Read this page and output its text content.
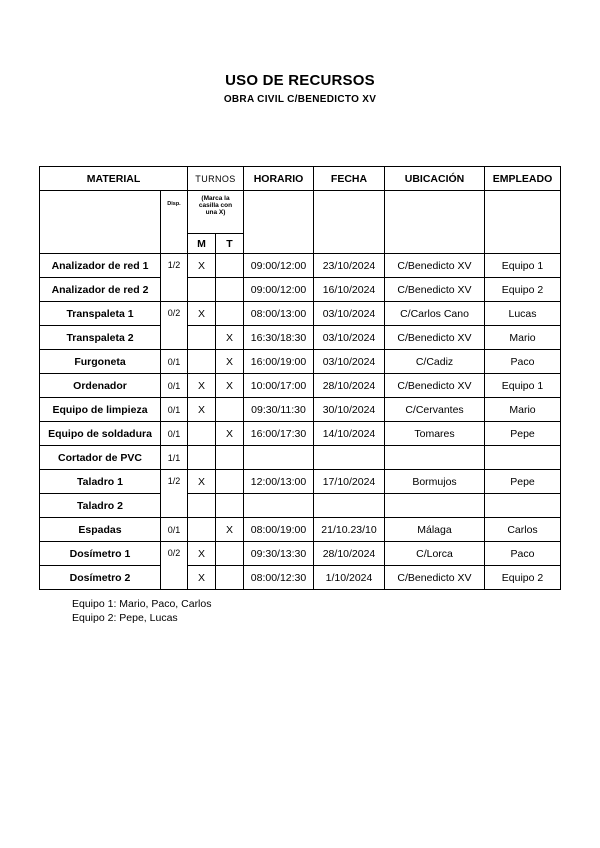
USO DE RECURSOS
OBRA CIVIL C/BENEDICTO XV
MATERIAL		TURNOS		HORARIO	FECHA	UBICACIÓN	EMPLEADO
	Disp.	(Marca la casilla con una X)					

		M	T				
Analizador de red 1	1/2	X		09:00/12:00	23/10/2024	C/Benedicto XV	Equipo 1
Analizador de red 2				09:00/12:00	16/10/2024	C/Benedicto XV	Equipo 2
Transpaleta 1	0/2	X		08:00/13:00	03/10/2024	C/Carlos Cano	Lucas
Transpaleta 2			X	16:30/18:30	03/10/2024	C/Benedicto XV	Mario
Furgoneta	0/1		X	16:00/19:00	03/10/2024	C/Cadiz	Paco
Ordenador	0/1	X	X	10:00/17:00	28/10/2024	C/Benedicto XV	Equipo 1
Equipo de limpieza	0/1	X		09:30/11:30	30/10/2024	C/Cervantes	Mario
Equipo de soldadura	0/1		X	16:00/17:30	14/10/2024	Tomares	Pepe
Cortador de PVC	1/1						
Taladro 1	1/2	X		12:00/13:00	17/10/2024	Bormujos	Pepe
Taladro 2							
Espadas	0/1		X	08:00/19:00	21/10.23/10	Málaga	Carlos
Dosímetro 1	0/2	X		09:30/13:30	28/10/2024	C/Lorca	Paco
Dosímetro 2		X		08:00/12:30	1/10/2024	C/Benedicto XV	Equipo 2
Equipo 1: Mario, Paco, Carlos
Equipo 2: Pepe, Lucas
